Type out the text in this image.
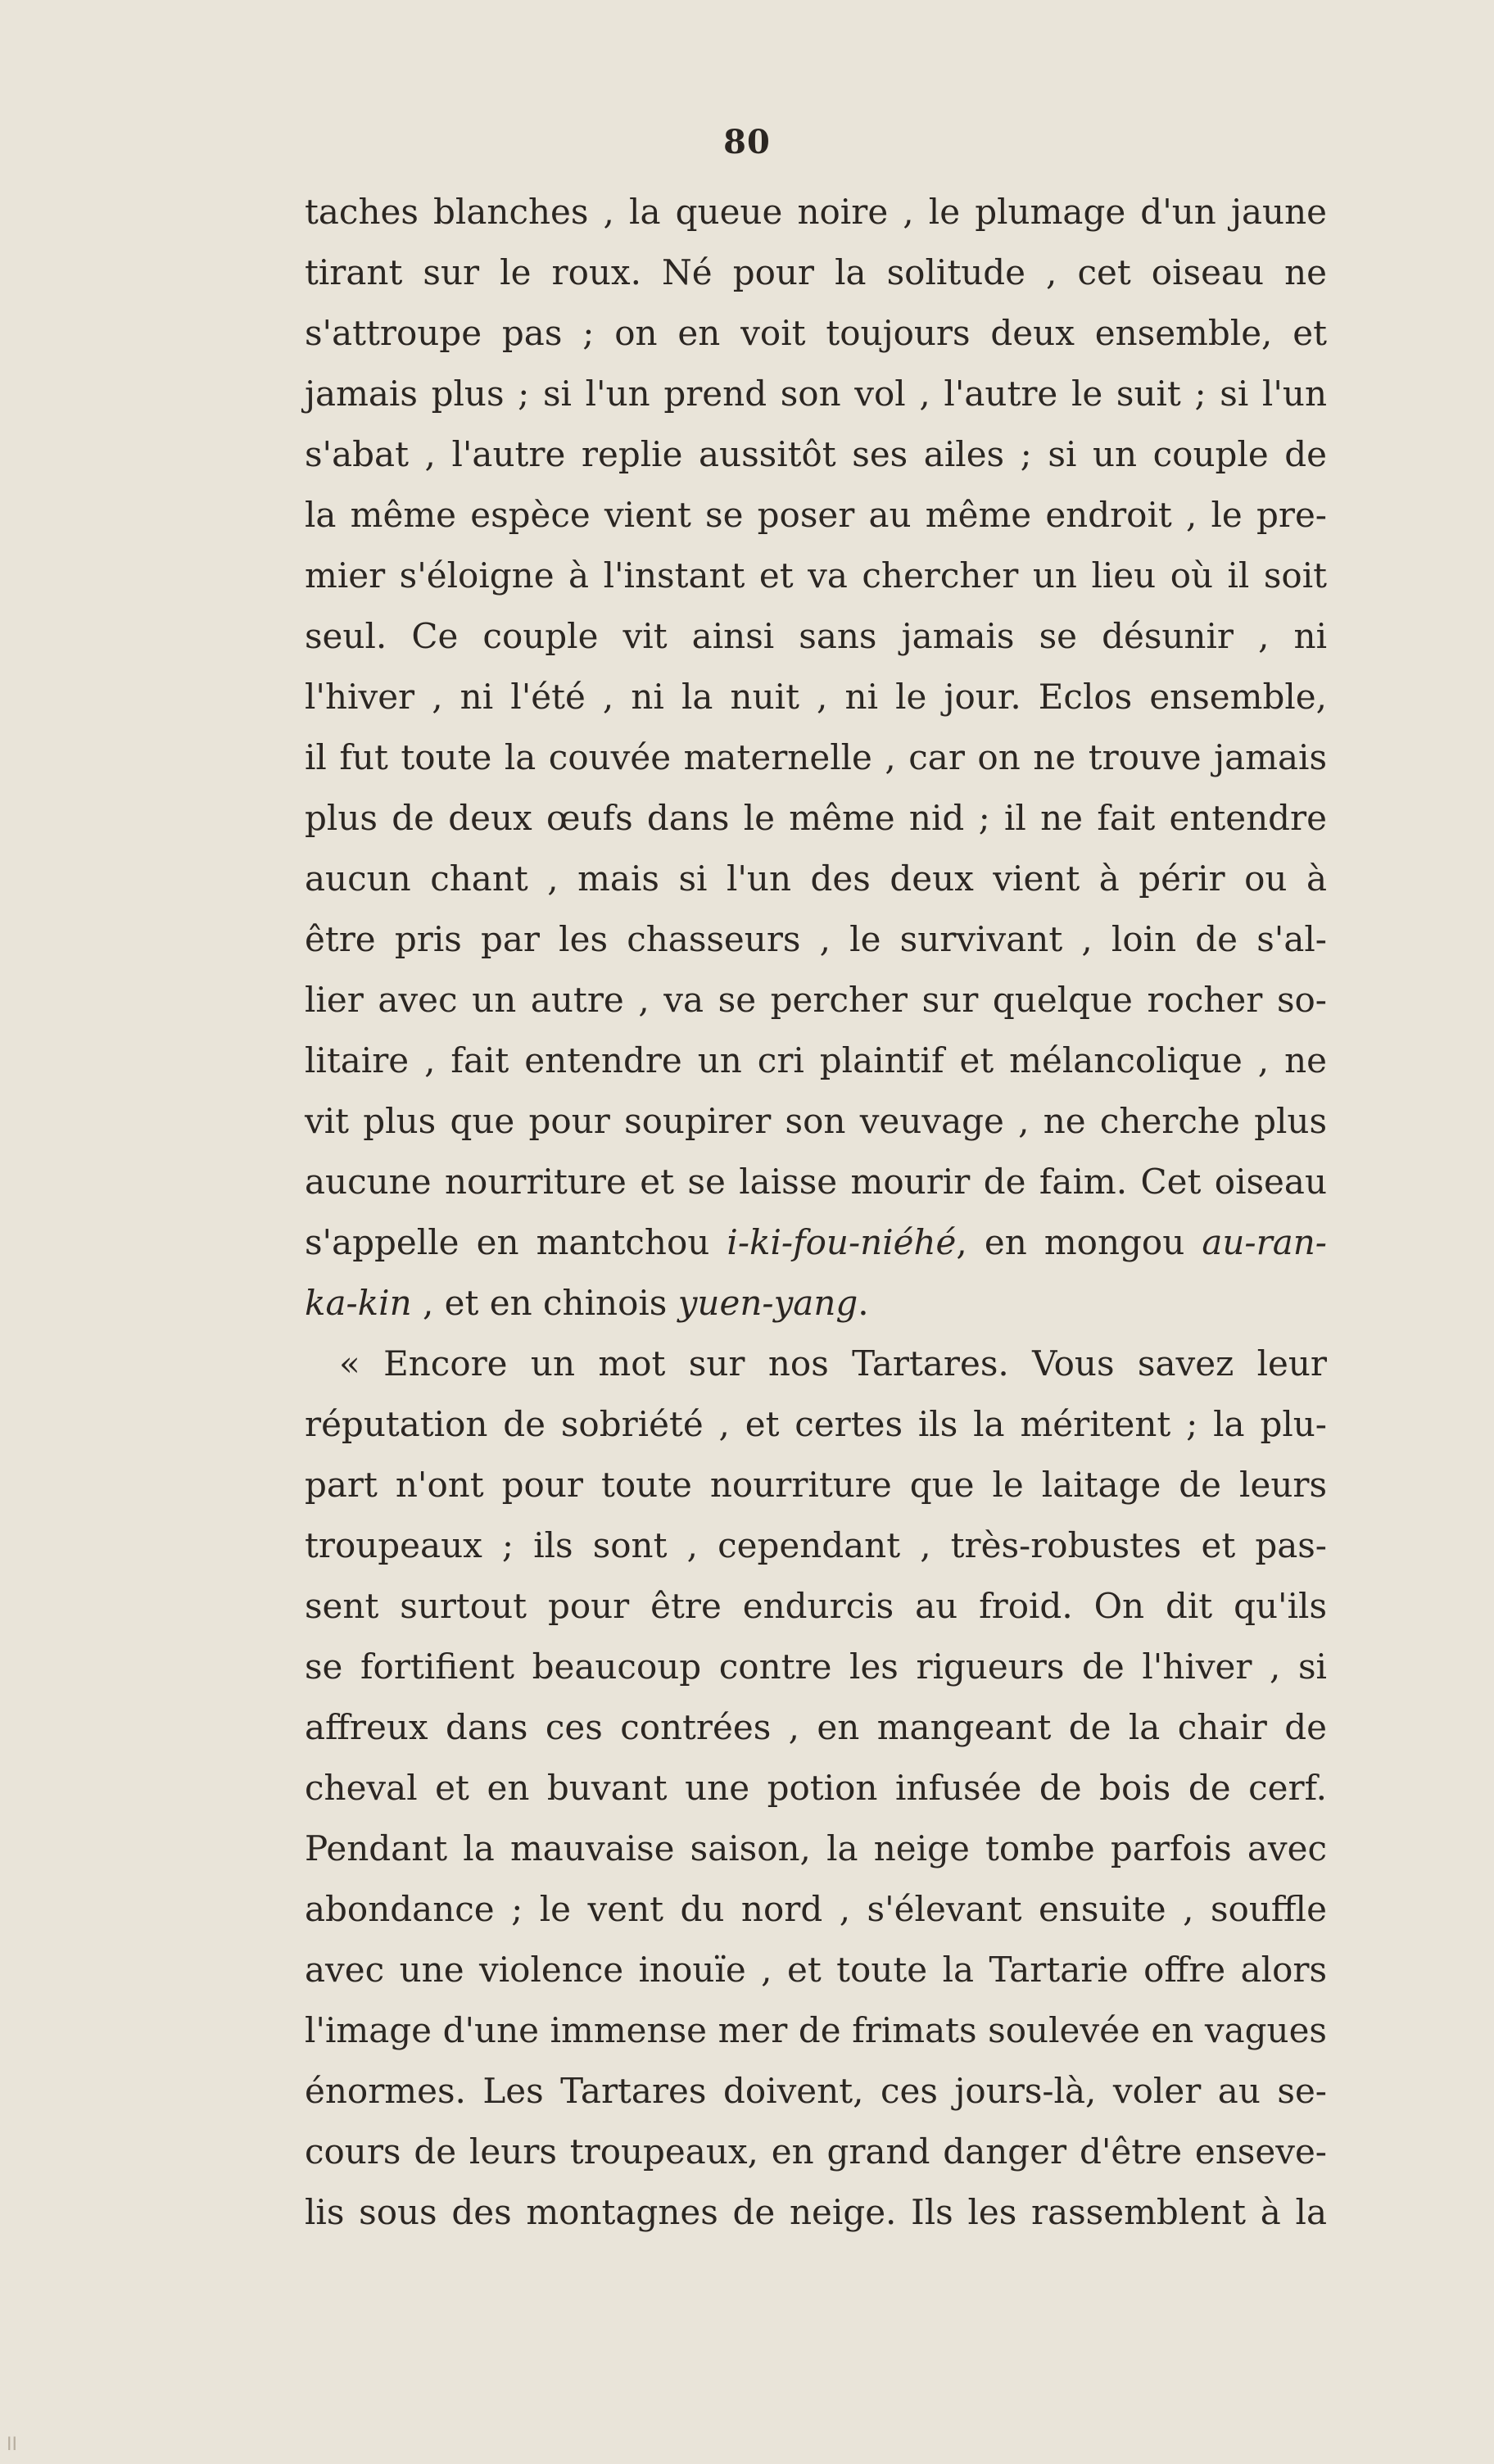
80
taches blanches , la queue noire , le plumage d'un jaune
tirant sur le roux. Né pour la solitude , cet oiseau ne
s'attroupe pas ; on en voit toujours deux ensemble, et
jamais plus ; si l'un prend son vol , l'autre le suit ; si l'un
s'abat , l'autre replie aussitôt ses ailes ; si un couple de
la même espèce vient se poser au même endroit , le pre-
mier s'éloigne à l'instant et va chercher un lieu où il soit
seul. Ce couple vit ainsi sans jamais se désunir , ni
l'hiver , ni l'été , ni la nuit , ni le jour. Eclos ensemble,
il fut toute la couvée maternelle , car on ne trouve jamais
plus de deux œufs dans le même nid ; il ne fait entendre
aucun chant , mais si l'un des deux vient à périr ou à
être pris par les chasseurs , le survivant , loin de s'al-
lier avec un autre , va se percher sur quelque rocher so-
litaire , fait entendre un cri plaintif et mélancolique , ne
vit plus que pour soupirer son veuvage , ne cherche plus
aucune nourriture et se laisse mourir de faim. Cet oiseau
s'appelle en mantchou i-ki-fou-niéhé, en mongou au-ran-
ka-kin , et en chinois yuen-yang.
« Encore un mot sur nos Tartares. Vous savez leur
réputation de sobriété , et certes ils la méritent ; la plu-
part n'ont pour toute nourriture que le laitage de leurs
troupeaux ; ils sont , cependant , très-robustes et pas-
sent surtout pour être endurcis au froid. On dit qu'ils
se fortifient beaucoup contre les rigueurs de l'hiver , si
affreux dans ces contrées , en mangeant de la chair de
cheval et en buvant une potion infusée de bois de cerf.
Pendant la mauvaise saison, la neige tombe parfois avec
abondance ; le vent du nord , s'élevant ensuite , souffle
avec une violence inouïe , et toute la Tartarie offre alors
l'image d'une immense mer de frimats soulevée en vagues
énormes. Les Tartares doivent, ces jours-là, voler au se-
cours de leurs troupeaux, en grand danger d'être enseve-
lis sous des montagnes de neige. Ils les rassemblent à la
II
